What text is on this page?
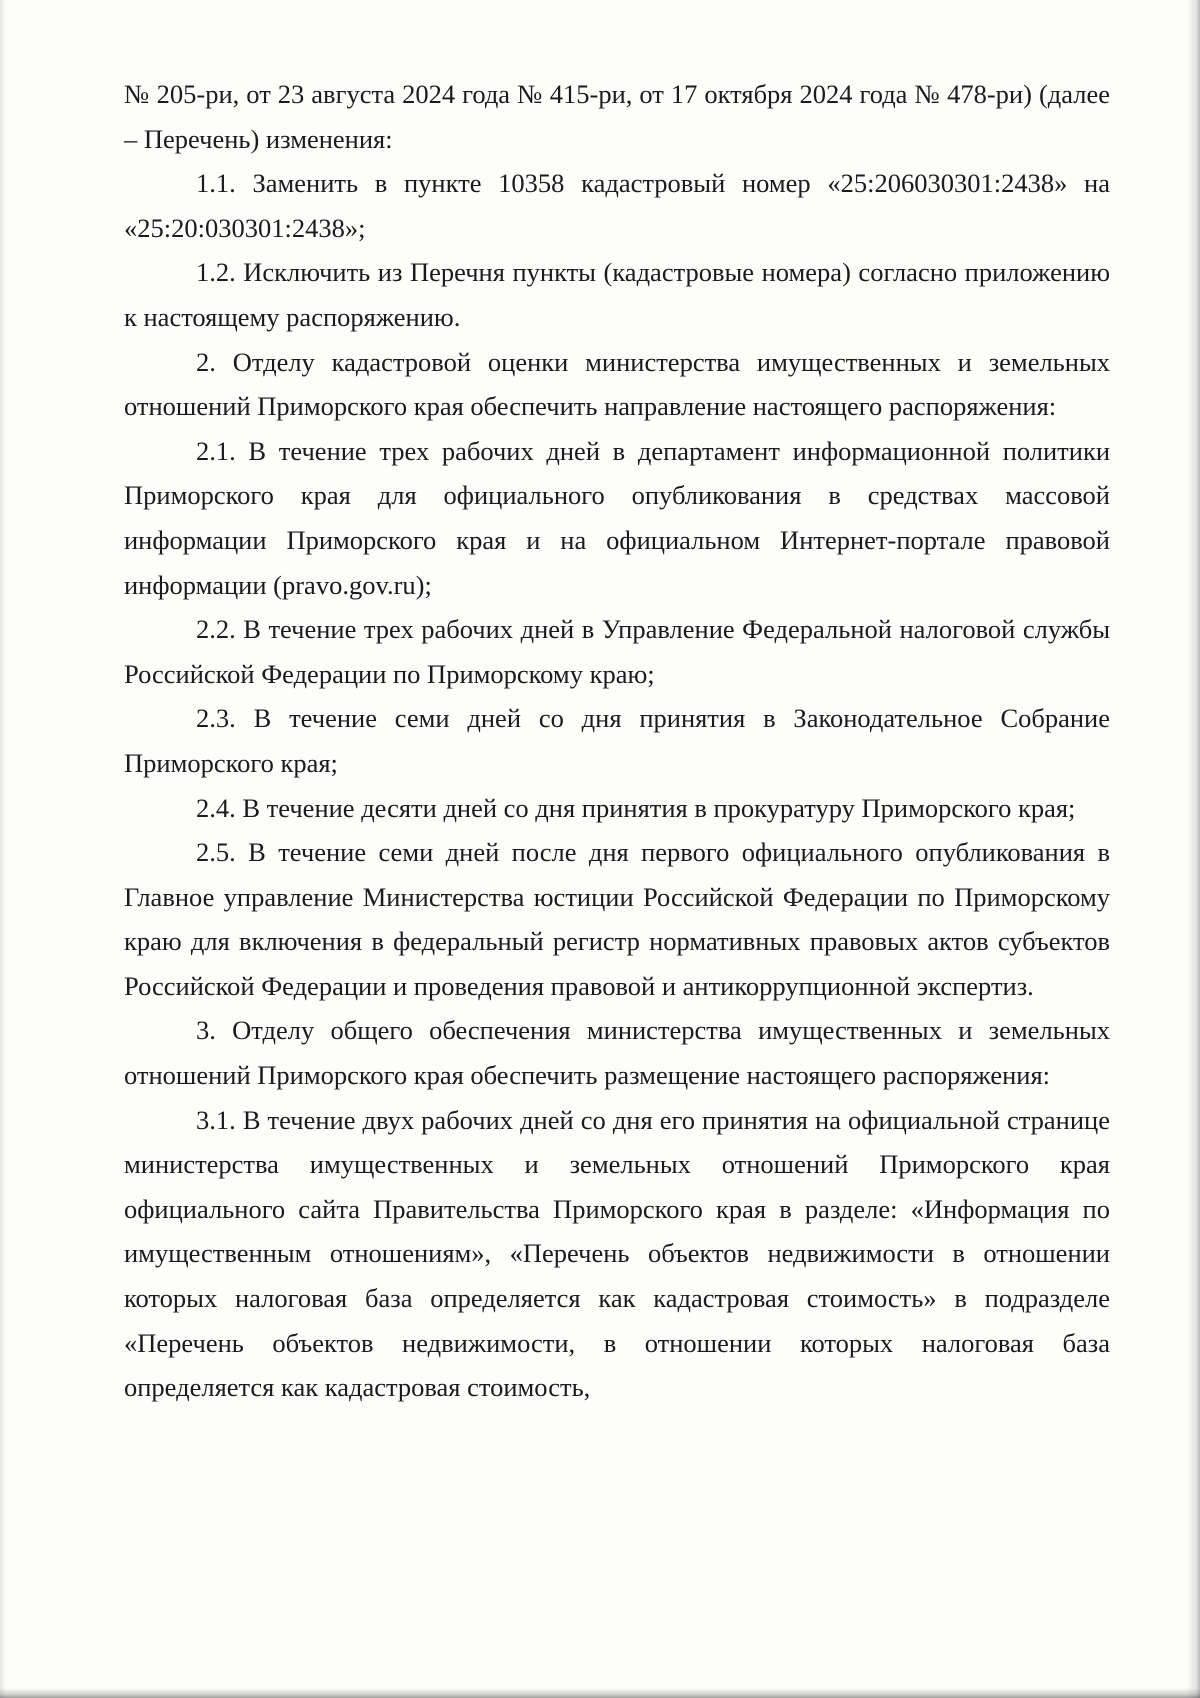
№ 205-ри, от 23 августа 2024 года № 415-ри, от 17 октября 2024 года № 478-ри) (далее – Перечень) изменения:

1.1. Заменить в пункте 10358 кадастровый номер «25:206030301:2438» на «25:20:030301:2438»;

1.2. Исключить из Перечня пункты (кадастровые номера) согласно приложению к настоящему распоряжению.

2. Отделу кадастровой оценки министерства имущественных и земельных отношений Приморского края обеспечить направление настоящего распоряжения:

2.1. В течение трех рабочих дней в департамент информационной политики Приморского края для официального опубликования в средствах массовой информации Приморского края и на официальном Интернет-портале правовой информации (pravo.gov.ru);

2.2. В течение трех рабочих дней в Управление Федеральной налоговой службы Российской Федерации по Приморскому краю;

2.3. В течение семи дней со дня принятия в Законодательное Собрание Приморского края;

2.4. В течение десяти дней со дня принятия в прокуратуру Приморского края;

2.5. В течение семи дней после дня первого официального опубликования в Главное управление Министерства юстиции Российской Федерации по Приморскому краю для включения в федеральный регистр нормативных правовых актов субъектов Российской Федерации и проведения правовой и антикоррупционной экспертиз.

3. Отделу общего обеспечения министерства имущественных и земельных отношений Приморского края обеспечить размещение настоящего распоряжения:

3.1. В течение двух рабочих дней со дня его принятия на официальной странице министерства имущественных и земельных отношений Приморского края официального сайта Правительства Приморского края в разделе: «Информация по имущественным отношениям», «Перечень объектов недвижимости в отношении которых налоговая база определяется как кадастровая стоимость» в подразделе «Перечень объектов недвижимости, в отношении которых налоговая база определяется как кадастровая стоимость,
